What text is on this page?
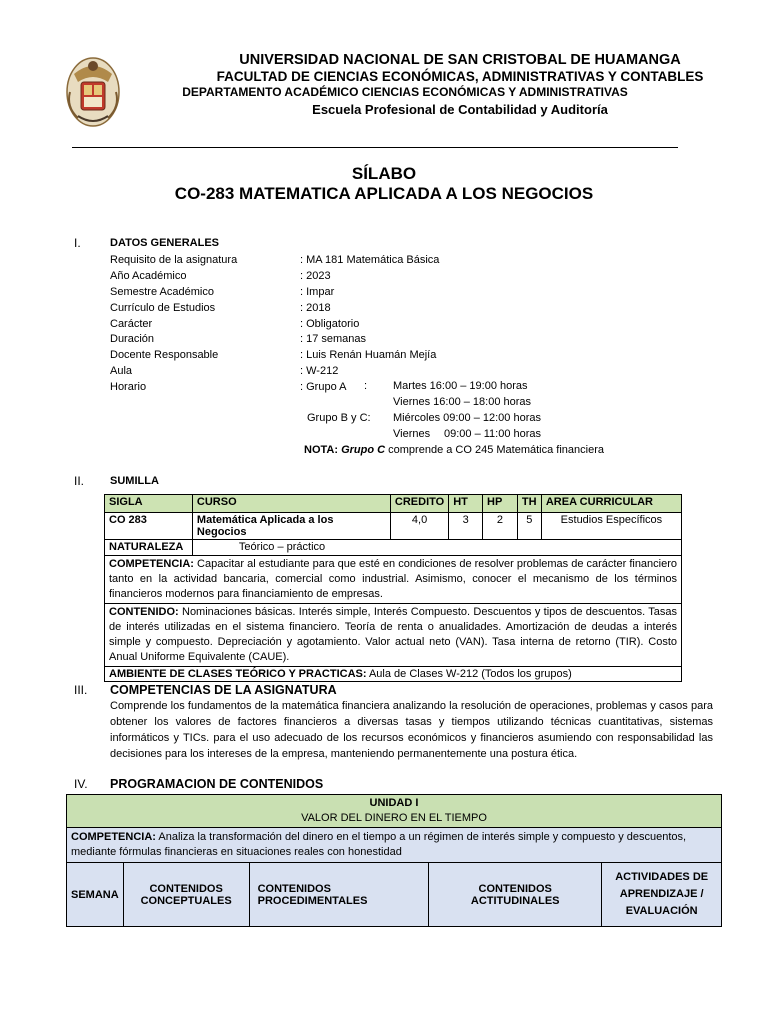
UNIVERSIDAD NACIONAL DE SAN CRISTOBAL DE HUAMANGA
FACULTAD DE CIENCIAS ECONÓMICAS, ADMINISTRATIVAS Y CONTABLES
DEPARTAMENTO ACADÉMICO CIENCIAS ECONÓMICAS Y ADMINISTRATIVAS
Escuela Profesional de Contabilidad y Auditoría
SÍLABO
CO-283 MATEMATICA APLICADA A LOS NEGOCIOS
I.	DATOS GENERALES
Requisito de la asignatura	: MA 181 Matemática Básica
Año Académico	: 2023
Semestre Académico	: Impar
Currículo de Estudios	: 2018
Carácter	: Obligatorio
Duración	: 17 semanas
Docente Responsable	: Luis Renán Huamán Mejía
Aula	: W-212
Horario	: Grupo A : Martes 16:00 – 19:00 horas
Viernes 16:00 – 18:00 horas
Grupo B y C: Miércoles 09:00 – 12:00 horas
Viernes 09:00 – 11:00 horas
NOTA: Grupo C comprende a CO 245 Matemática financiera
II. SUMILLA
SIGLA	CURSO	CREDITO	HT	HP	TH	AREA CURRICULAR
CO 283	Matemática Aplicada a los Negocios	4,0	3	2	5	Estudios Específicos
NATURALEZA	Teórico – práctico					
COMPETENCIA: Capacitar al estudiante para que esté en condiciones de resolver problemas de carácter financiero tanto en la actividad bancaria, comercial como industrial. Asimismo, conocer el mecanismo de los términos financieros modernos para financiamiento de empresas.						
CONTENIDO: Nominaciones básicas. Interés simple, Interés Compuesto. Descuentos y tipos de descuentos. Tasas de interés utilizadas en el sistema financiero. Teoría de renta o anualidades. Amortización de deudas a interés simple y compuesto. Depreciación y agotamiento. Valor actual neto (VAN). Tasa interna de retorno (TIR). Costo Anual Uniforme Equivalente (CAUE).						
AMBIENTE DE CLASES TEÓRICO Y PRACTICAS: Aula de Clases W-212 (Todos los grupos)						
III. COMPETENCIAS DE LA ASIGNATURA
Comprende los fundamentos de la matemática financiera analizando la resolución de operaciones, problemas y casos para obtener los valores de factores financieros a diversas tasas y tiempos utilizando técnicas cuantitativas, sistemas informáticos y TICs. para el uso adecuado de los recursos económicos y financieros asumiendo con responsabilidad las decisiones para los intereses de la empresa, manteniendo permanentemente una postura ética.
IV. PROGRAMACION DE CONTENIDOS
UNIDAD I
VALOR DEL DINERO EN EL TIEMPO

COMPETENCIA: Analiza la transformación del dinero en el tiempo a un régimen de interés simple y compuesto y descuentos, mediante fórmulas financieras en situaciones reales con honestidad
SEMANA	CONTENIDOS CONCEPTUALES	CONTENIDOS PROCEDIMENTALES	CONTENIDOS ACTITUDINALES	ACTIVIDADES DE APRENDIZAJE / EVALUACIÓN
